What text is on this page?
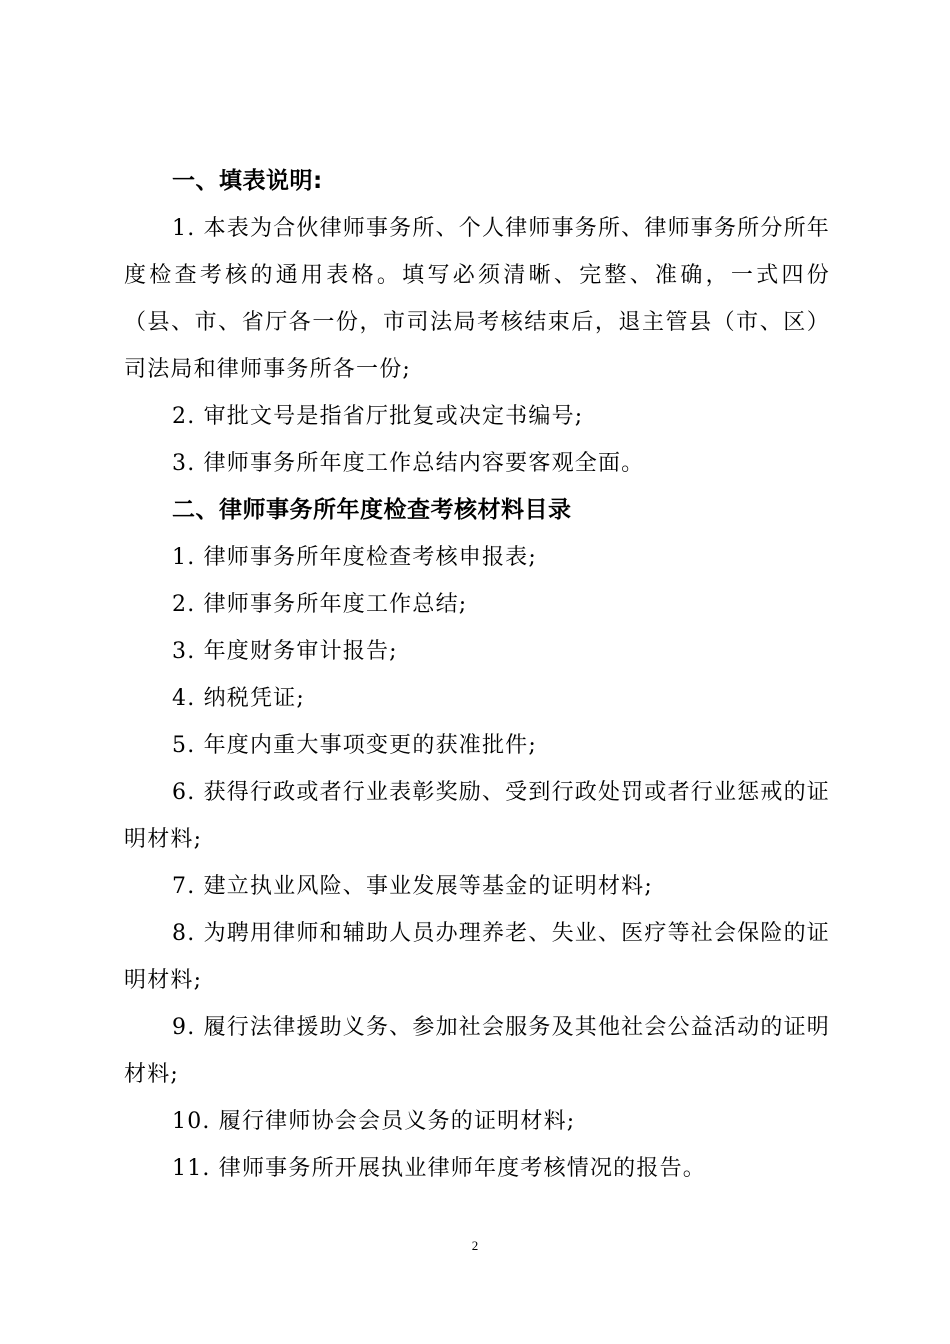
一、填表说明:
1. 本表为合伙律师事务所、个人律师事务所、律师事务所分所年度检查考核的通用表格。填写必须清晰、完整、准确，一式四份（县、市、省厅各一份，市司法局考核结束后，退主管县（市、区）司法局和律师事务所各一份;
2. 审批文号是指省厅批复或决定书编号;
3. 律师事务所年度工作总结内容要客观全面。
二、律师事务所年度检查考核材料目录
1. 律师事务所年度检查考核申报表;
2. 律师事务所年度工作总结;
3. 年度财务审计报告;
4. 纳税凭证;
5. 年度内重大事项变更的获准批件;
6. 获得行政或者行业表彰奖励、受到行政处罚或者行业惩戒的证明材料;
7. 建立执业风险、事业发展等基金的证明材料;
8. 为聘用律师和辅助人员办理养老、失业、医疗等社会保险的证明材料;
9. 履行法律援助义务、参加社会服务及其他社会公益活动的证明材料;
10. 履行律师协会会员义务的证明材料;
11. 律师事务所开展执业律师年度考核情况的报告。
2
